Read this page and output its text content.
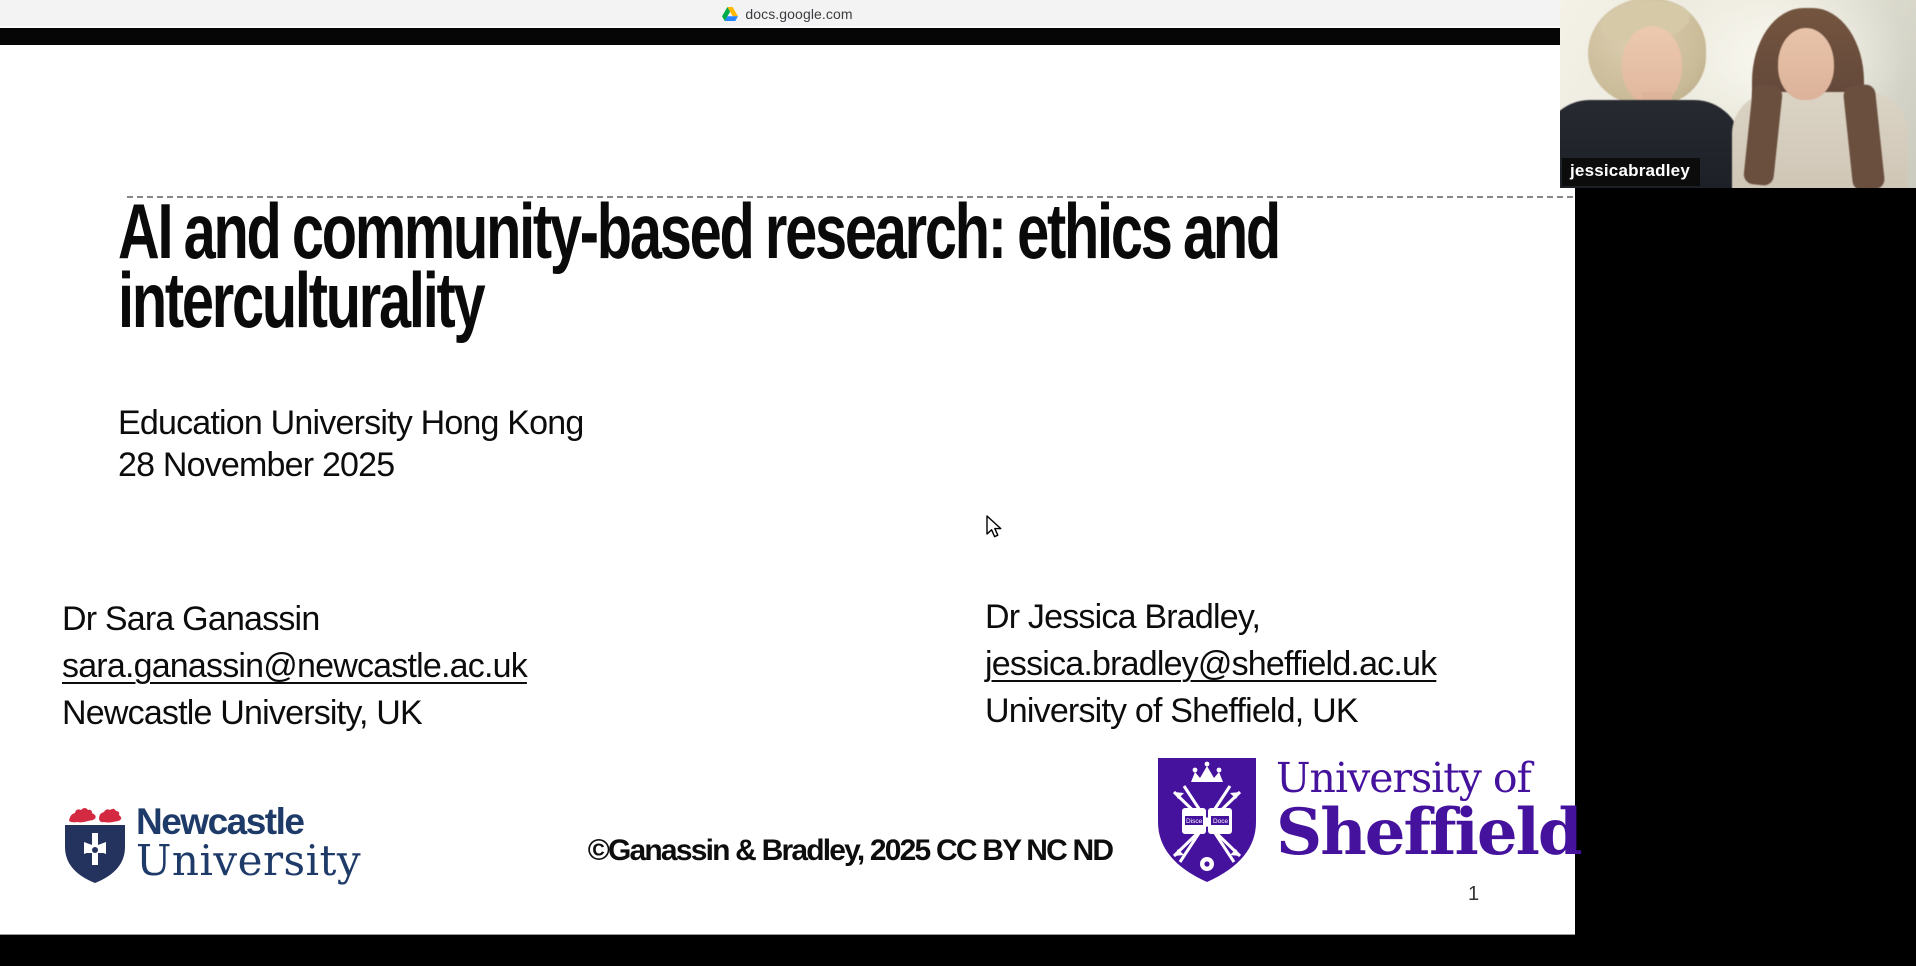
AI and community-based research: ethics and interculturality
Education University Hong Kong
28 November 2025
Dr Sara Ganassin
sara.ganassin@newcastle.ac.uk
Newcastle University, UK
Dr Jessica Bradley,
jessica.bradley@sheffield.ac.uk
University of Sheffield, UK
Newcastle
University	©Ganassin & Bradley, 2025 CC BY NC ND
Disce Doce
University of
Sheffield
1
docs.google.com
jessicabradley
